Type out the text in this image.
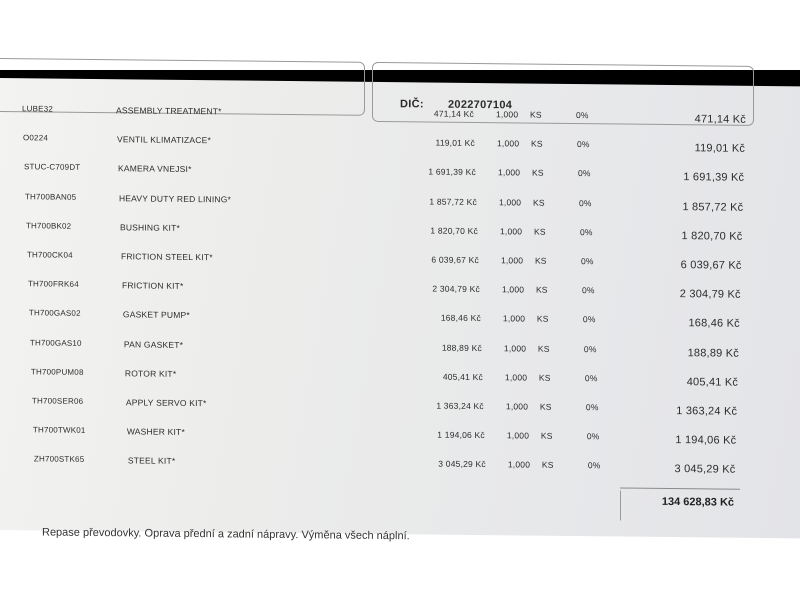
DIČ: 2022707104
LUBE32	ASSEMBLY TREATMENT*	471,14 Kč	1,000 KS	0%	471,14 Kč
O0224	VENTIL KLIMATIZACE*	119,01 Kč	1,000 KS	0%	119,01 Kč
STUC-C709DT	KAMERA VNEJSI*	1 691,39 Kč	1,000 KS	0%	1 691,39 Kč
TH700BAN05	HEAVY DUTY RED LINING*	1 857,72 Kč	1,000 KS	0%	1 857,72 Kč
TH700BK02	BUSHING KIT*	1 820,70 Kč	1,000 KS	0%	1 820,70 Kč
TH700CK04	FRICTION STEEL KIT*	6 039,67 Kč	1,000 KS	0%	6 039,67 Kč
TH700FRK64	FRICTION KIT*	2 304,79 Kč	1,000 KS	0%	2 304,79 Kč
TH700GAS02	GASKET PUMP*	168,46 Kč	1,000 KS	0%	168,46 Kč
TH700GAS10	PAN GASKET*	188,89 Kč	1,000 KS	0%	188,89 Kč
TH700PUM08	ROTOR KIT*	405,41 Kč	1,000 KS	0%	405,41 Kč
TH700SER06	APPLY SERVO KIT*	1 363,24 Kč	1,000 KS	0%	1 363,24 Kč
TH700TWK01	WASHER KIT*	1 194,06 Kč	1,000 KS	0%	1 194,06 Kč
ZH700STK65	STEEL KIT*	3 045,29 Kč	1,000 KS	0%	3 045,29 Kč
134 628,83 Kč
Repase převodovky. Oprava přední a zadní nápravy. Výměna všech náplní.
